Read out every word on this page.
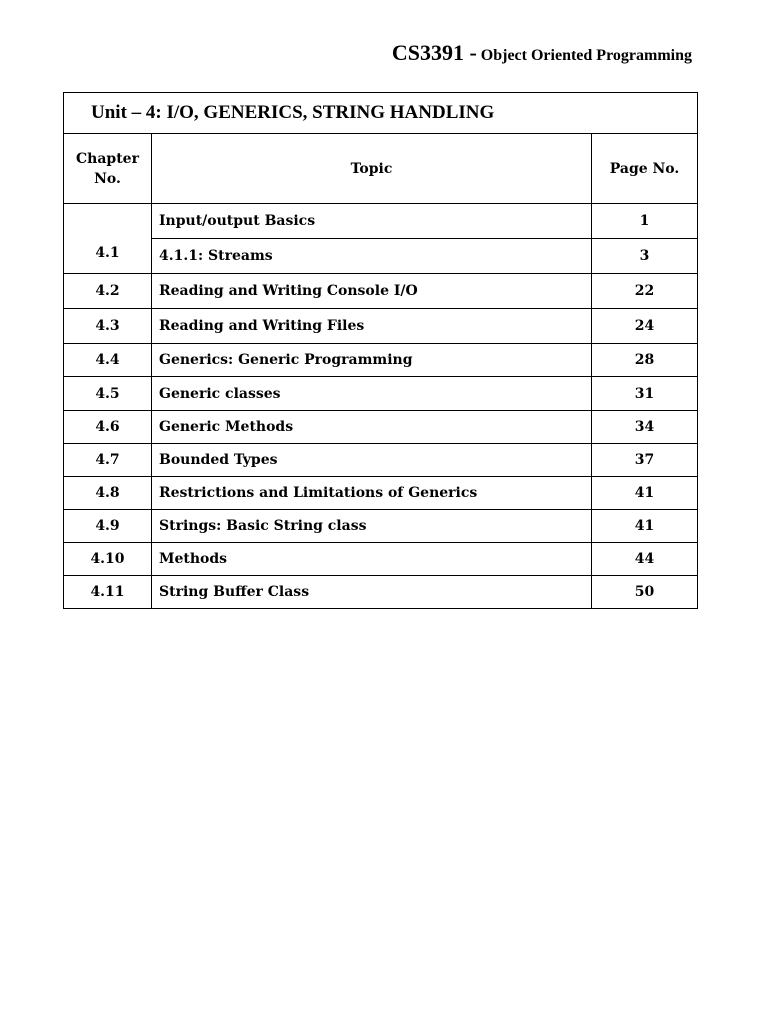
CS3391 - Object Oriented Programming
Unit – 4: I/O, GENERICS, STRING HANDLING		
Chapter
No.	Topic	Page No.
4.1	Input/output Basics	1
	4.1.1: Streams	3
4.2	Reading and Writing Console I/O	22
4.3	Reading and Writing Files	24
4.4	Generics: Generic Programming	28
4.5	Generic classes	31
4.6	Generic Methods	34
4.7	Bounded Types	37
4.8	Restrictions and Limitations of Generics	41
4.9	Strings: Basic String class	41
4.10	Methods	44
4.11	String Buffer Class	50
